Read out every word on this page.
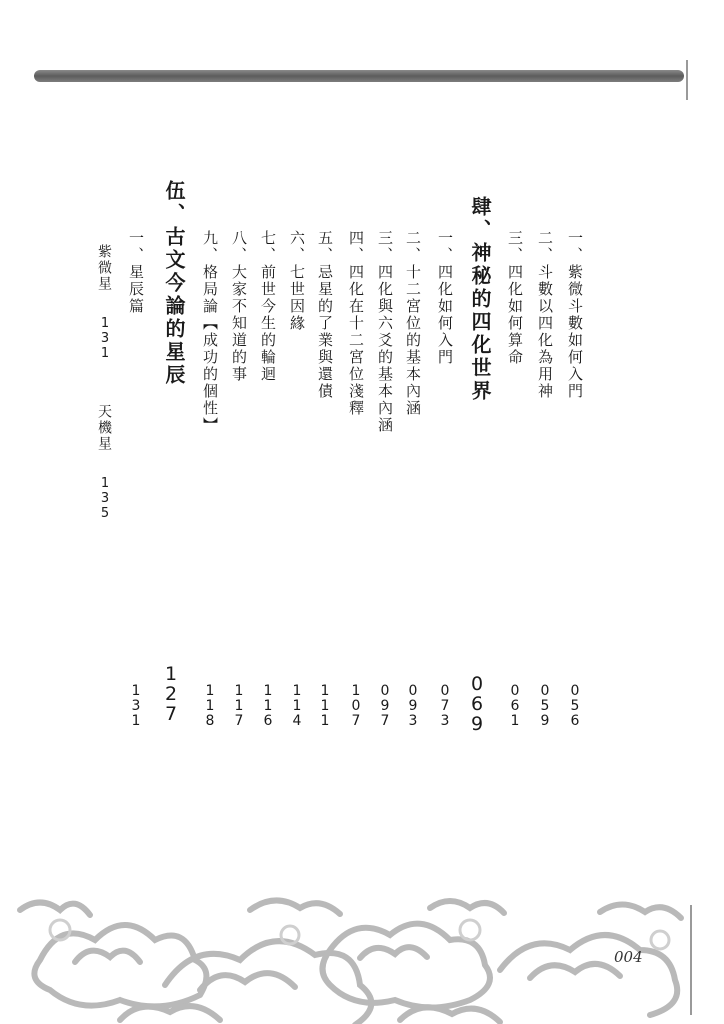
一、紫微斗數如何入門
二、斗數以四化為用神
三、四化如何算命
肆、神秘的四化世界
一、四化如何入門
二、十二宮位的基本內涵
三、四化與六爻的基本內涵
四、四化在十二宮位淺釋
五、忌星的了業與還債
六、七世因緣
七、前世今生的輪迴
八、大家不知道的事
九、格局論【成功的個性】
伍、古文今論的星辰
一、星辰篇
紫微星
1
3
1
天機星
1
3
5
0
5
6
0
5
9
0
6
1
0
6
9
0
7
3
0
9
3
0
9
7
1
0
7
1
1
1
1
1
4
1
1
6
1
1
7
1
1
8
1
2
7
1
3
1
004
